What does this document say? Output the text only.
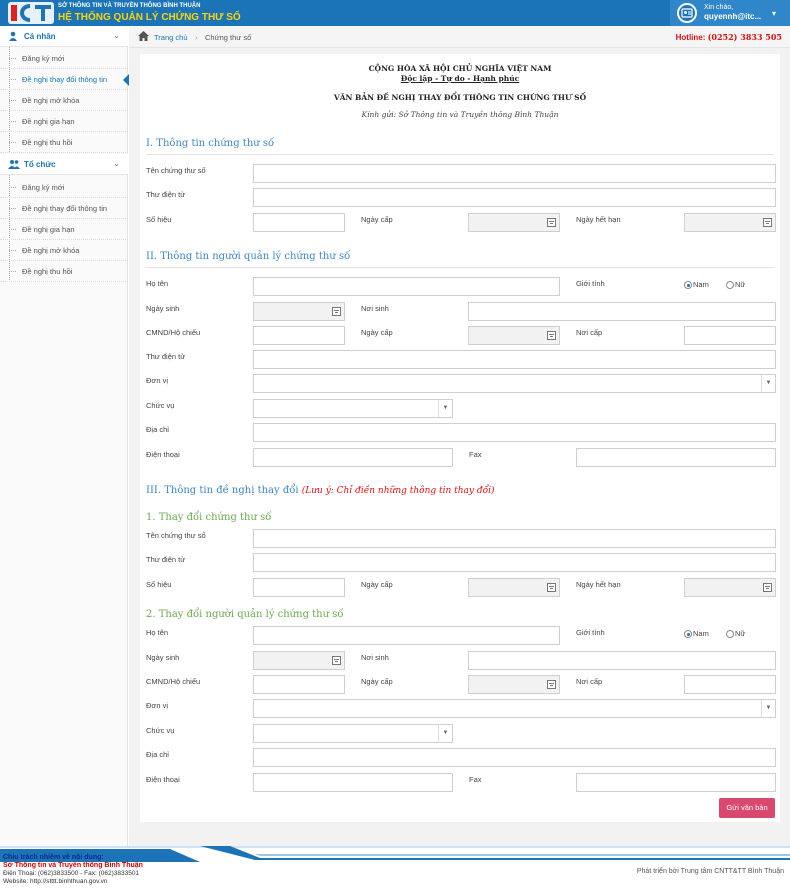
SỞ THÔNG TIN VÀ TRUYỀN THÔNG BÌNH THUẬN
HỆ THỐNG QUẢN LÝ CHỨNG THƯ SỐ
Xin chào,
quyennh@itc... ▾
Cá nhân	⌄
Đăng ký mới
Đề nghị thay đổi thông tin
Đề nghị mở khóa
Đề nghị gia hạn
Đề nghị thu hồi
Tổ chức	⌄
Đăng ký mới
Đề nghị thay đổi thông tin
Đề nghị gia hạn
Đề nghị mở khóa
Đề nghị thu hồi
Trang chủ › Chứng thư số	Hotline: (0252) 3833 505
CỘNG HÒA XÃ HỘI CHỦ NGHĨA VIỆT NAM
Độc lập - Tự do - Hạnh phúc
VĂN BẢN ĐỀ NGHỊ THAY ĐỔI THÔNG TIN CHỨNG THƯ SỐ
Kính gửi: Sở Thông tin và Truyền thông Bình Thuận
I. Thông tin chứng thư số
Tên chứng thư số
Thư điện tử
Số hiệu	Ngày cấp	Ngày hết hạn
II. Thông tin người quản lý chứng thư số
Họ tên	Giới tính	Nam	Nữ
Ngày sinh	Nơi sinh
CMND/Hộ chiếu	Ngày cấp	Nơi cấp
Thư điện tử
Đơn vị	▼
Chức vụ	▼
Địa chỉ
Điện thoại	Fax
III. Thông tin đề nghị thay đổi (Lưu ý: Chỉ điền những thông tin thay đổi)
1. Thay đổi chứng thư số
Tên chứng thư số
Thư điện tử
Số hiệu	Ngày cấp	Ngày hết hạn
2. Thay đổi người quản lý chứng thư số
Họ tên	Giới tính	Nam	Nữ
Ngày sinh	Nơi sinh
CMND/Hộ chiếu	Ngày cấp	Nơi cấp
Đơn vị	▼
Chức vụ	▼
Địa chỉ
Điện thoại	Fax
Gửi văn bản
Chịu trách nhiệm về nội dung:
Sở Thông tin và Truyền thông Bình Thuận
Điện Thoại: (062)3833500 - Fax: (062)3833501
Website: http://stttt.binhthuan.gov.vn
Phát triển bởi Trung tâm CNTT&TT Bình Thuận
